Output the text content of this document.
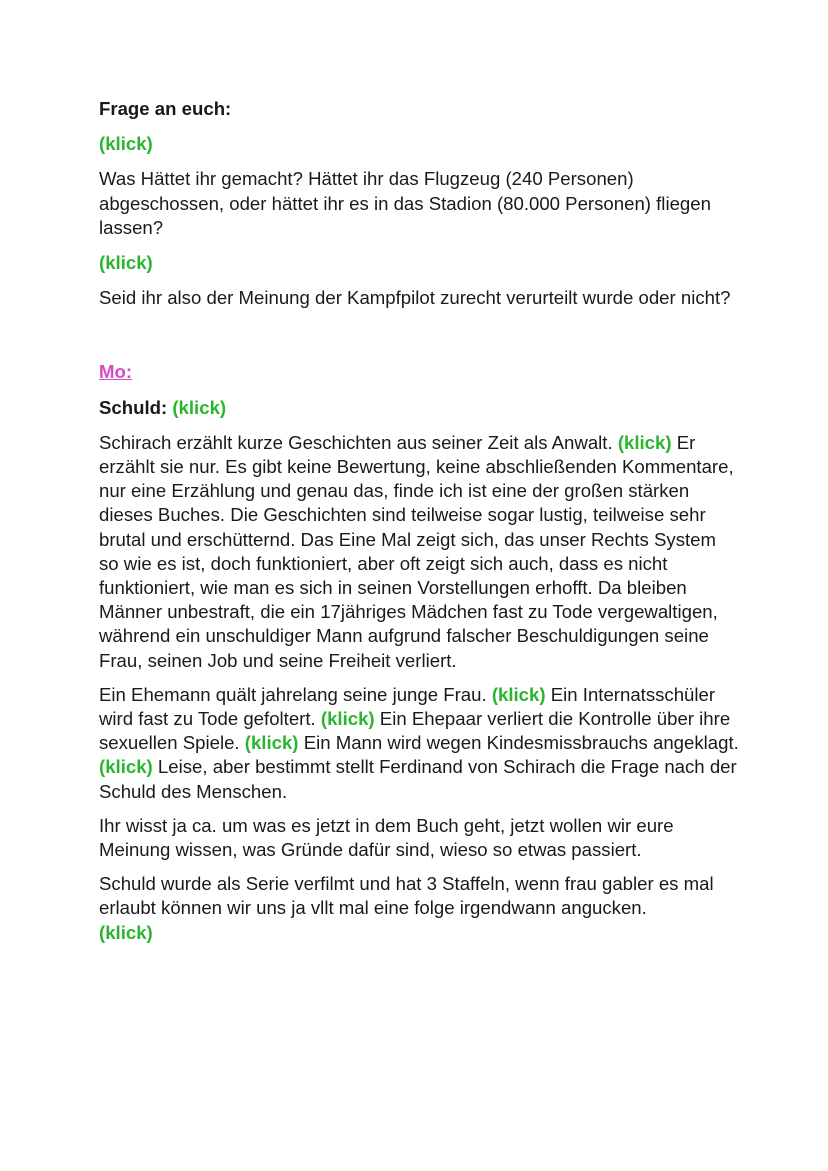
Frage an euch:

(klick)

Was Hättet ihr gemacht? Hättet ihr das Flugzeug (240 Personen) abgeschossen, oder hättet ihr es in das Stadion (80.000 Personen) fliegen lassen?

(klick)

Seid ihr also der Meinung der Kampfpilot zurecht verurteilt wurde oder nicht?

Mo:

Schuld: (klick)

Schirach erzählt kurze Geschichten aus seiner Zeit als Anwalt. (klick) Er erzählt sie nur. Es gibt keine Bewertung, keine abschließenden Kommentare, nur eine Erzählung und genau das, finde ich ist eine der großen stärken dieses Buches. Die Geschichten sind teilweise sogar lustig, teilweise sehr brutal und erschütternd. Das Eine Mal zeigt sich, das unser Rechts System so wie es ist, doch funktioniert, aber oft zeigt sich auch, dass es nicht funktioniert, wie man es sich in seinen Vorstellungen erhofft. Da bleiben Männer unbestraft, die ein 17jähriges Mädchen fast zu Tode vergewaltigen, während ein unschuldiger Mann aufgrund falscher Beschuldigungen seine Frau, seinen Job und seine Freiheit verliert.

Ein Ehemann quält jahrelang seine junge Frau. (klick) Ein Internatsschüler wird fast zu Tode gefoltert. (klick) Ein Ehepaar verliert die Kontrolle über ihre sexuellen Spiele. (klick) Ein Mann wird wegen Kindesmissbrauchs angeklagt. (klick) Leise, aber bestimmt stellt Ferdinand von Schirach die Frage nach der Schuld des Menschen.

Ihr wisst ja ca. um was es jetzt in dem Buch geht, jetzt wollen wir eure Meinung wissen, was Gründe dafür sind, wieso so etwas passiert.

Schuld wurde als Serie verfilmt und hat 3 Staffeln, wenn frau gabler es mal erlaubt können wir uns ja vllt mal eine folge irgendwann angucken.
(klick)
